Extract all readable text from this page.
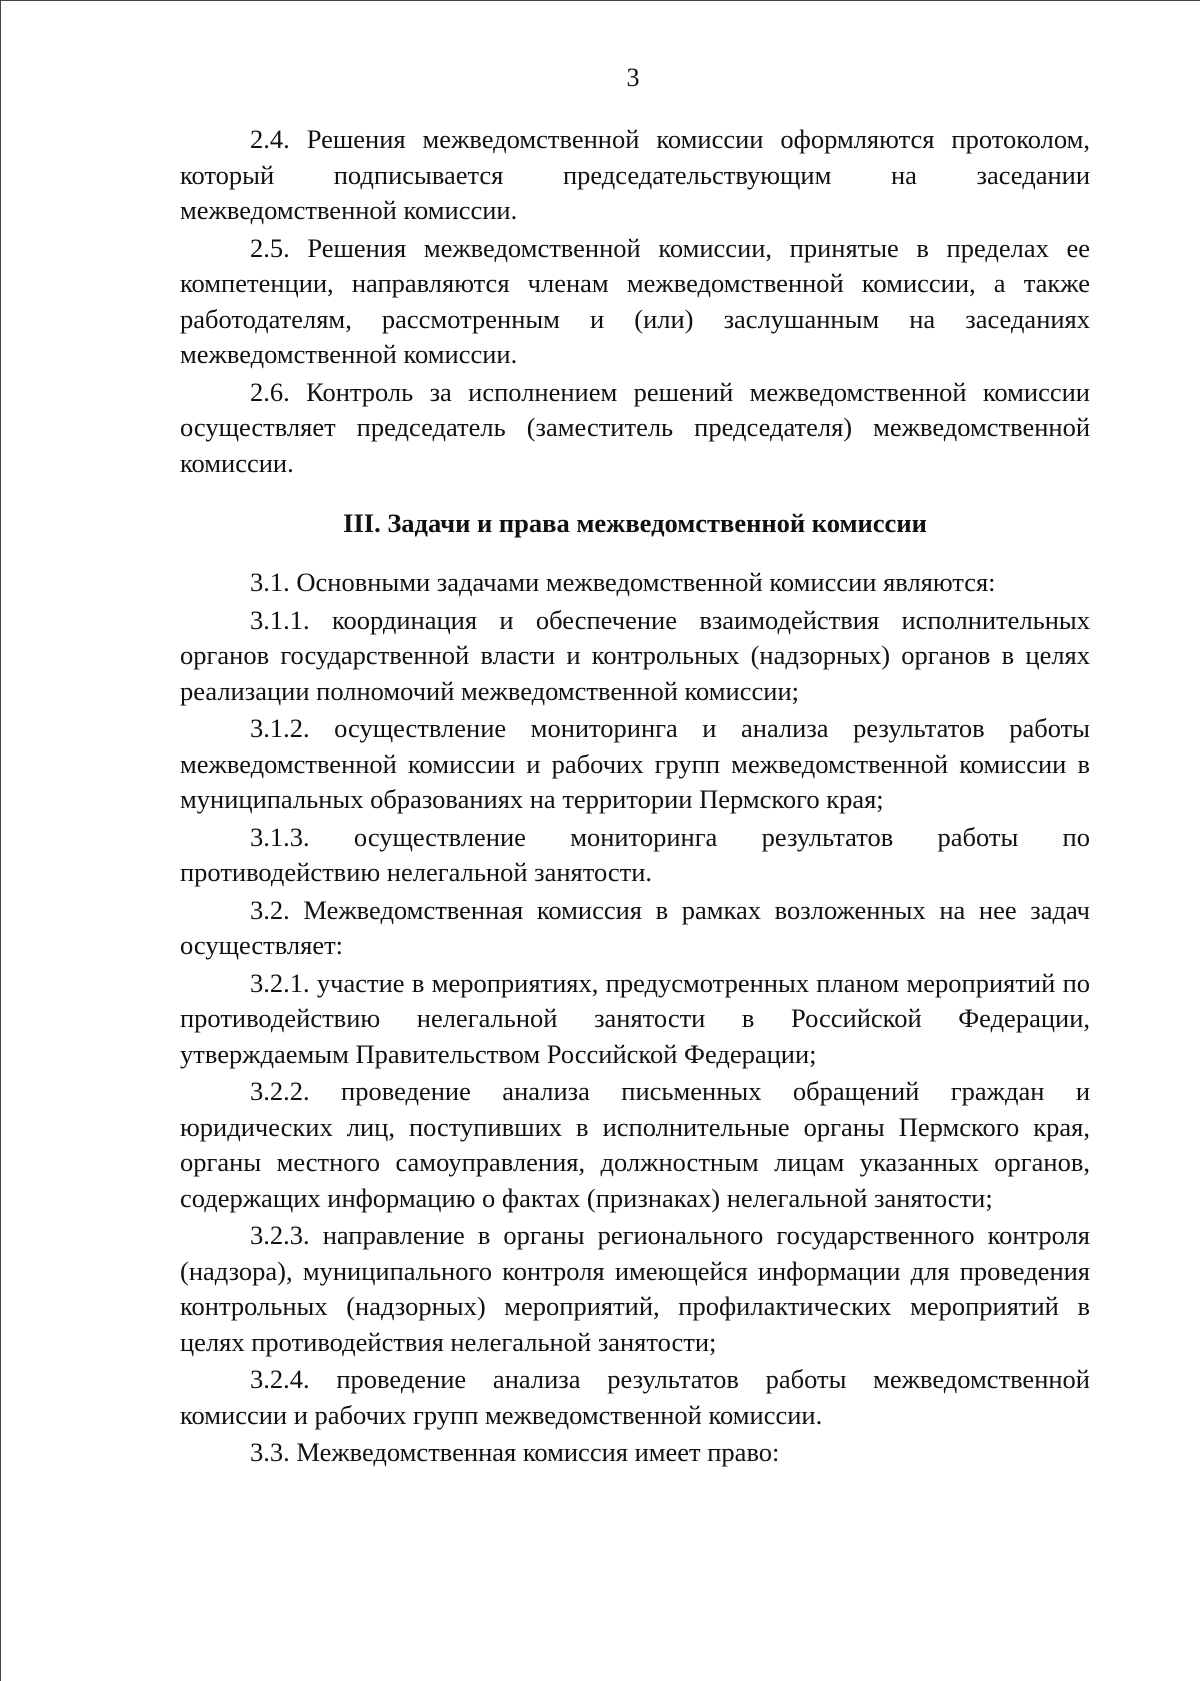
3

2.4. Решения межведомственной комиссии оформляются протоколом, который подписывается председательствующим на заседании межведомственной комиссии.

2.5. Решения межведомственной комиссии, принятые в пределах ее компетенции, направляются членам межведомственной комиссии, а также работодателям, рассмотренным и (или) заслушанным на заседаниях межведомственной комиссии.

2.6. Контроль за исполнением решений межведомственной комиссии осуществляет председатель (заместитель председателя) межведомственной комиссии.

III. Задачи и права межведомственной комиссии

3.1. Основными задачами межведомственной комиссии являются:

3.1.1. координация и обеспечение взаимодействия исполнительных органов государственной власти и контрольных (надзорных) органов в целях реализации полномочий межведомственной комиссии;

3.1.2. осуществление мониторинга и анализа результатов работы межведомственной комиссии и рабочих групп межведомственной комиссии в муниципальных образованиях на территории Пермского края;

3.1.3. осуществление мониторинга результатов работы по противодействию нелегальной занятости.

3.2. Межведомственная комиссия в рамках возложенных на нее задач осуществляет:

3.2.1. участие в мероприятиях, предусмотренных планом мероприятий по противодействию нелегальной занятости в Российской Федерации, утверждаемым Правительством Российской Федерации;

3.2.2. проведение анализа письменных обращений граждан и юридических лиц, поступивших в исполнительные органы Пермского края, органы местного самоуправления, должностным лицам указанных органов, содержащих информацию о фактах (признаках) нелегальной занятости;

3.2.3. направление в органы регионального государственного контроля (надзора), муниципального контроля имеющейся информации для проведения контрольных (надзорных) мероприятий, профилактических мероприятий в целях противодействия нелегальной занятости;

3.2.4. проведение анализа результатов работы межведомственной комиссии и рабочих групп межведомственной комиссии.

3.3. Межведомственная комиссия имеет право:
